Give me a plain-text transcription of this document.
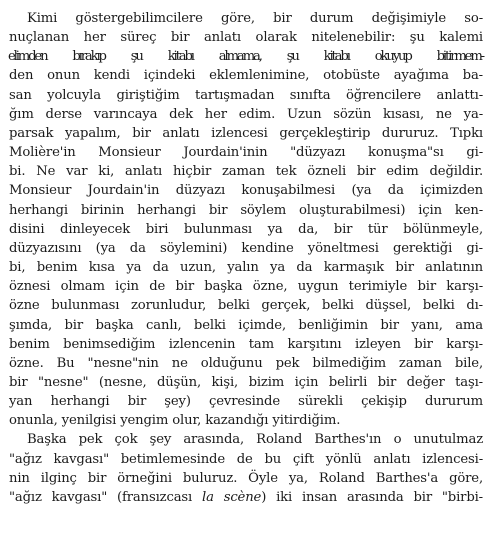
Kimi göstergebilimcilere göre, bir durum değişimiyle so-
nuçlanan her süreç bir anlatı olarak nitelenebilir: şu kalemi
elimden bırakıp şu kitabı almama, şu kitabı okuyup bitirmem-
den onun kendi içindeki eklemlenimine, otobüste ayağıma ba-
san yolcuyla giriştiğim tartışmadan sınıfta öğrencilere anlattı-
ğım derse varıncaya dek her edim. Uzun sözün kısası, ne ya-
parsak yapalım, bir anlatı izlencesi gerçekleştirip dururuz. Tıpkı
Molière'in Monsieur Jourdain'inin "düzyazı konuşma"sı gi-
bi. Ne var ki, anlatı hiçbir zaman tek özneli bir edim değildir.
Monsieur Jourdain'in düzyazı konuşabilmesi (ya da içimizden
herhangi birinin herhangi bir söylem oluşturabilmesi) için ken-
disini dinleyecek biri bulunması ya da, bir tür bölünmeyle,
düzyazısını (ya da söylemini) kendine yöneltmesi gerektiği gi-
bi, benim kısa ya da uzun, yalın ya da karmaşık bir anlatının
öznesi olmam için de bir başka özne, uygun terimiyle bir karşı-
özne bulunması zorunludur, belki gerçek, belki düşsel, belki dı-
şımda, bir başka canlı, belki içimde, benliğimin bir yanı, ama
benim benimsediğim izlencenin tam karşıtını izleyen bir karşı-
özne. Bu "nesne"nin ne olduğunu pek bilmediğim zaman bile,
bir "nesne" (nesne, düşün, kişi, bizim için belirli bir değer taşı-
yan herhangi bir şey) çevresinde sürekli çekişip dururum
onunla, yenilgisi yengim olur, kazandığı yitirdiğim.
Başka pek çok şey arasında, Roland Barthes'ın o unutulmaz
"ağız kavgası" betimlemesinde de bu çift yönlü anlatı izlencesi-
nin ilginç bir örneğini buluruz. Öyle ya, Roland Barthes'a göre,
"ağız kavgası" (fransızcası la scène) iki insan arasında bir "birbi-
